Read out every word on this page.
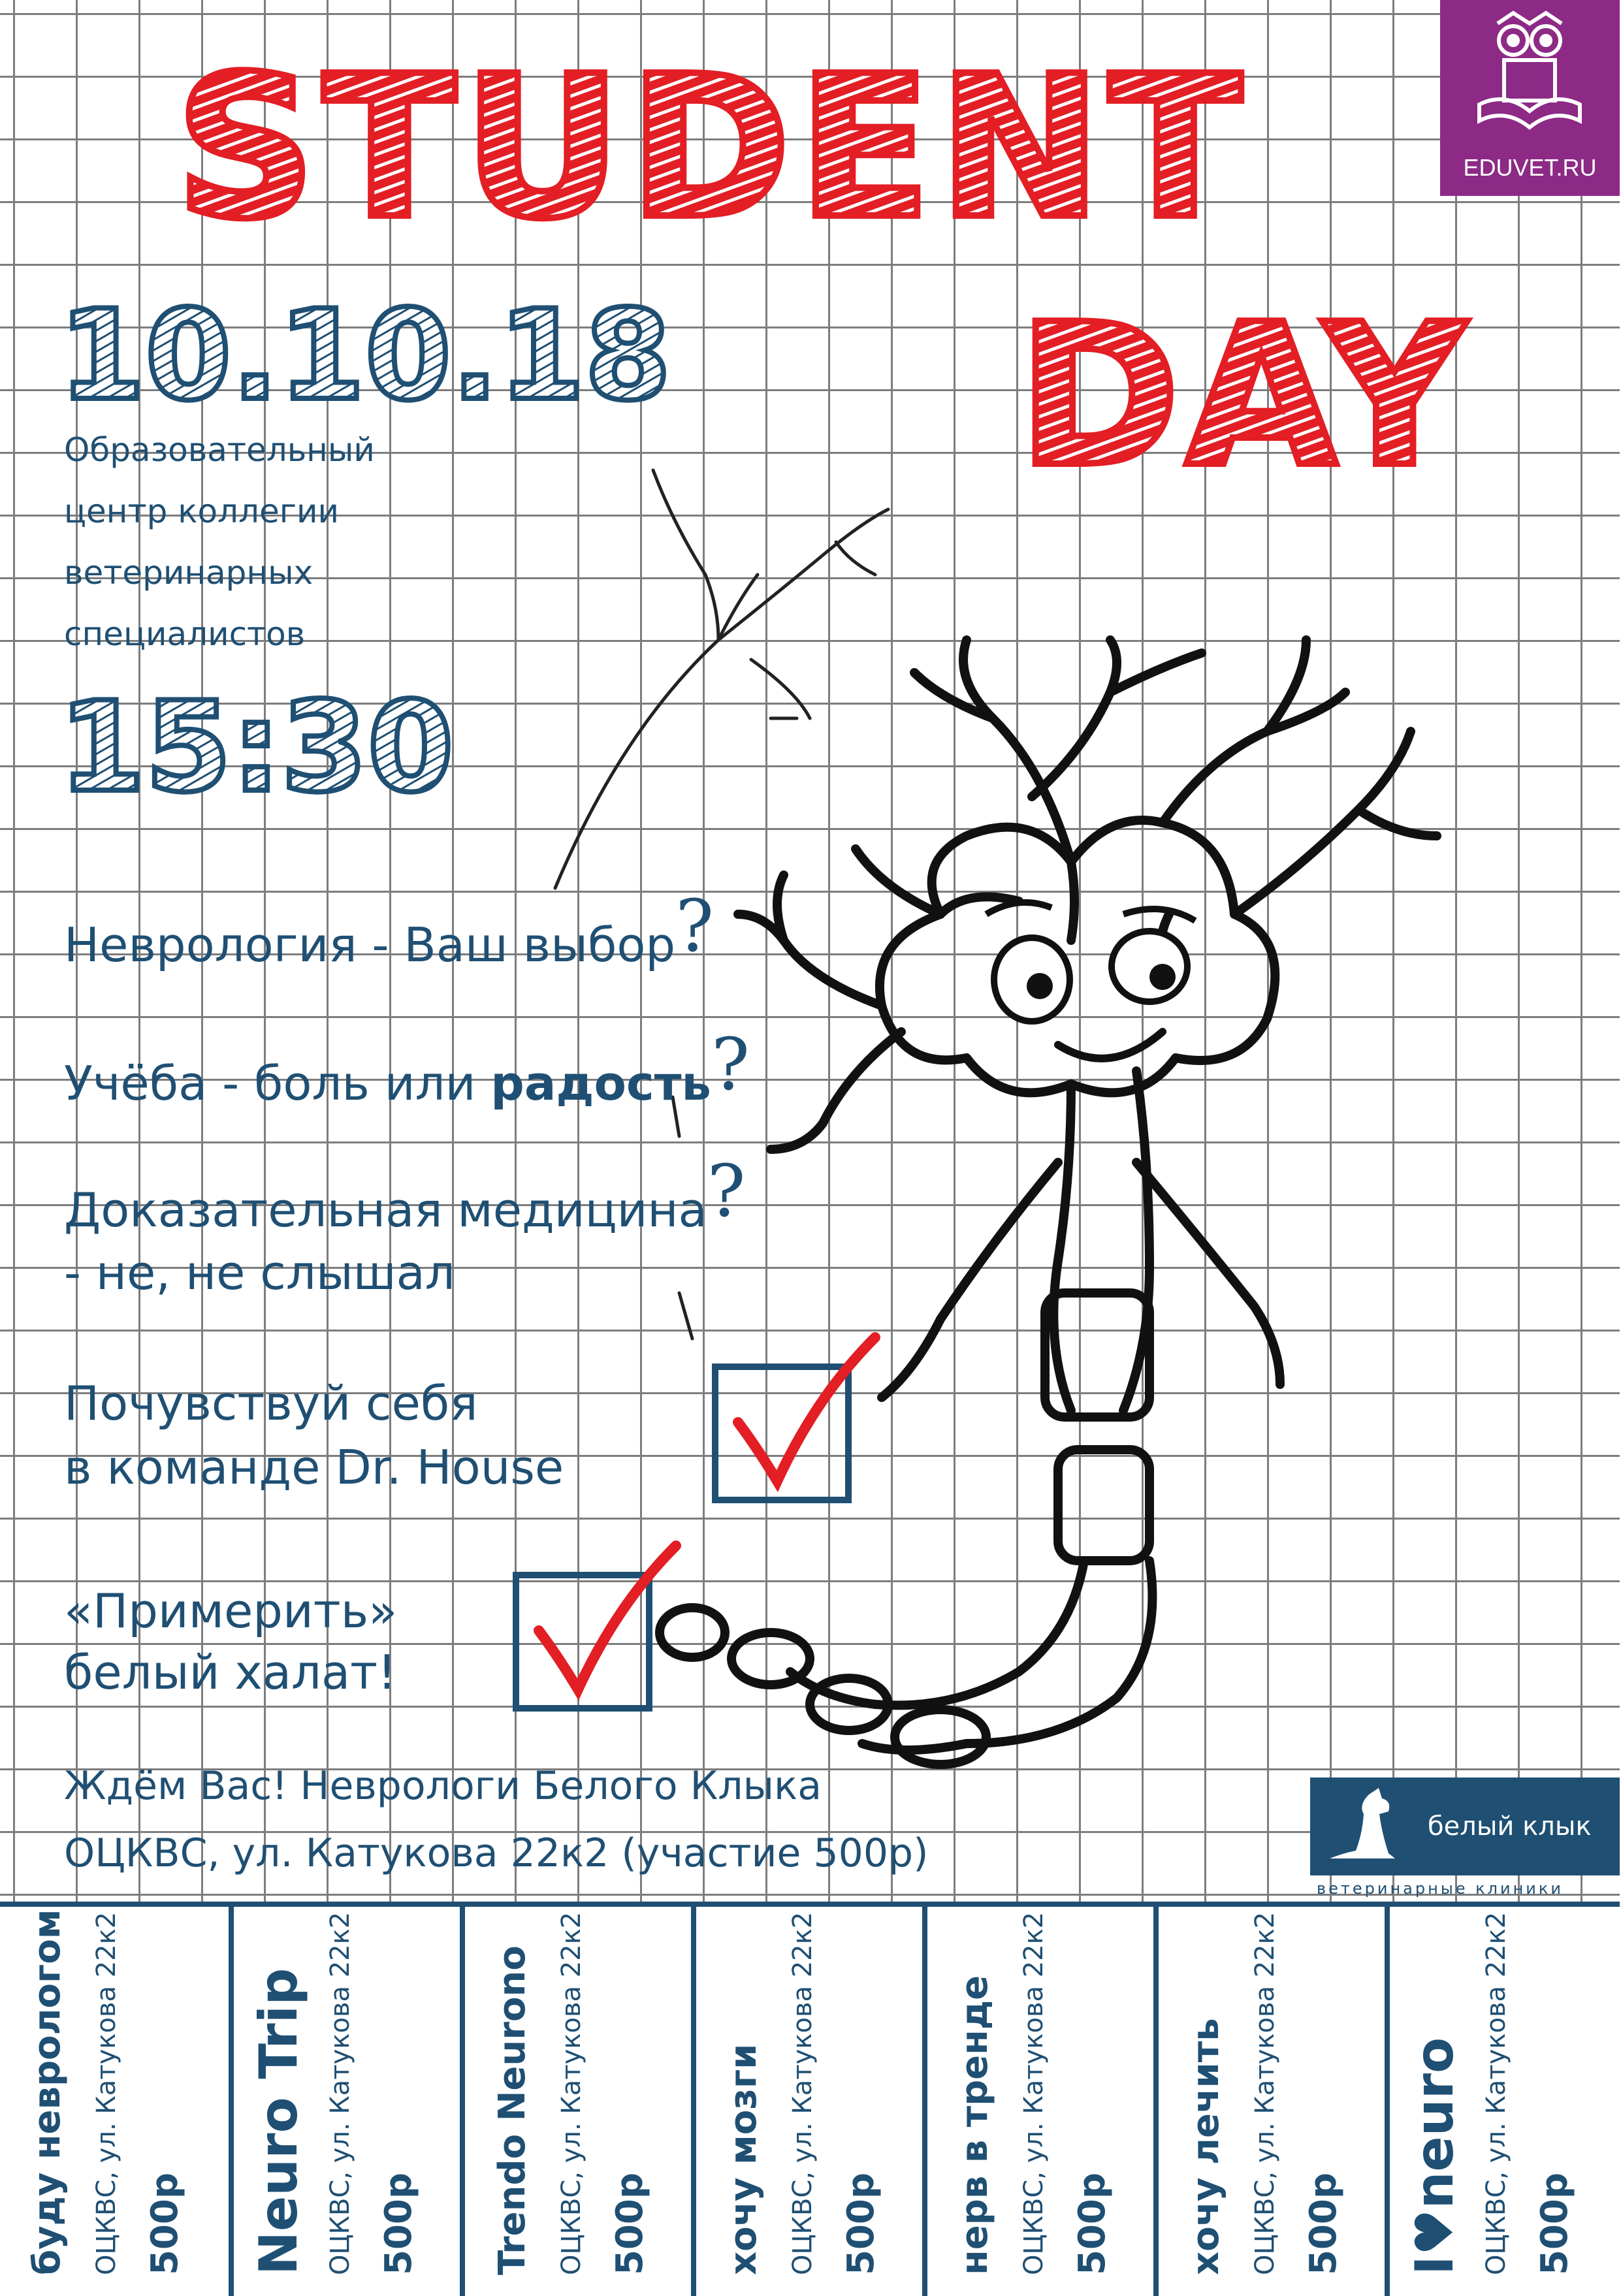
STUDENT
DAY
EDUVET.RU
10.10.18
Образовательный
центр коллегии
ветеринарных
специалистов
15:30
Неврология - Ваш выбор?
Учёба - боль или радость?
Доказательная медицина?
- не, не слышал
Почувствуй себя
в команде Dr. House
«Примерить»
белый халат!
Ждём Вас! Неврологи Белого Клыка
ОЦКВС, ул. Катукова 22к2 (участие 500р)
белый клык
ветеринарные клиники
буду неврологом ОЦКВС, ул. Катукова 22к2 500р Neuro Trip ОЦКВС, ул. Катукова 22к2 500р Trendo Neurono ОЦКВС, ул. Катукова 22к2 500р хочу мозги ОЦКВС, ул. Катукова 22к2 500р нерв в тренде ОЦКВС, ул. Катукова 22к2 500р хочу лечить ОЦКВС, ул. Катукова 22к2 500р I♥neuro ОЦКВС, ул. Катукова 22к2 500р
